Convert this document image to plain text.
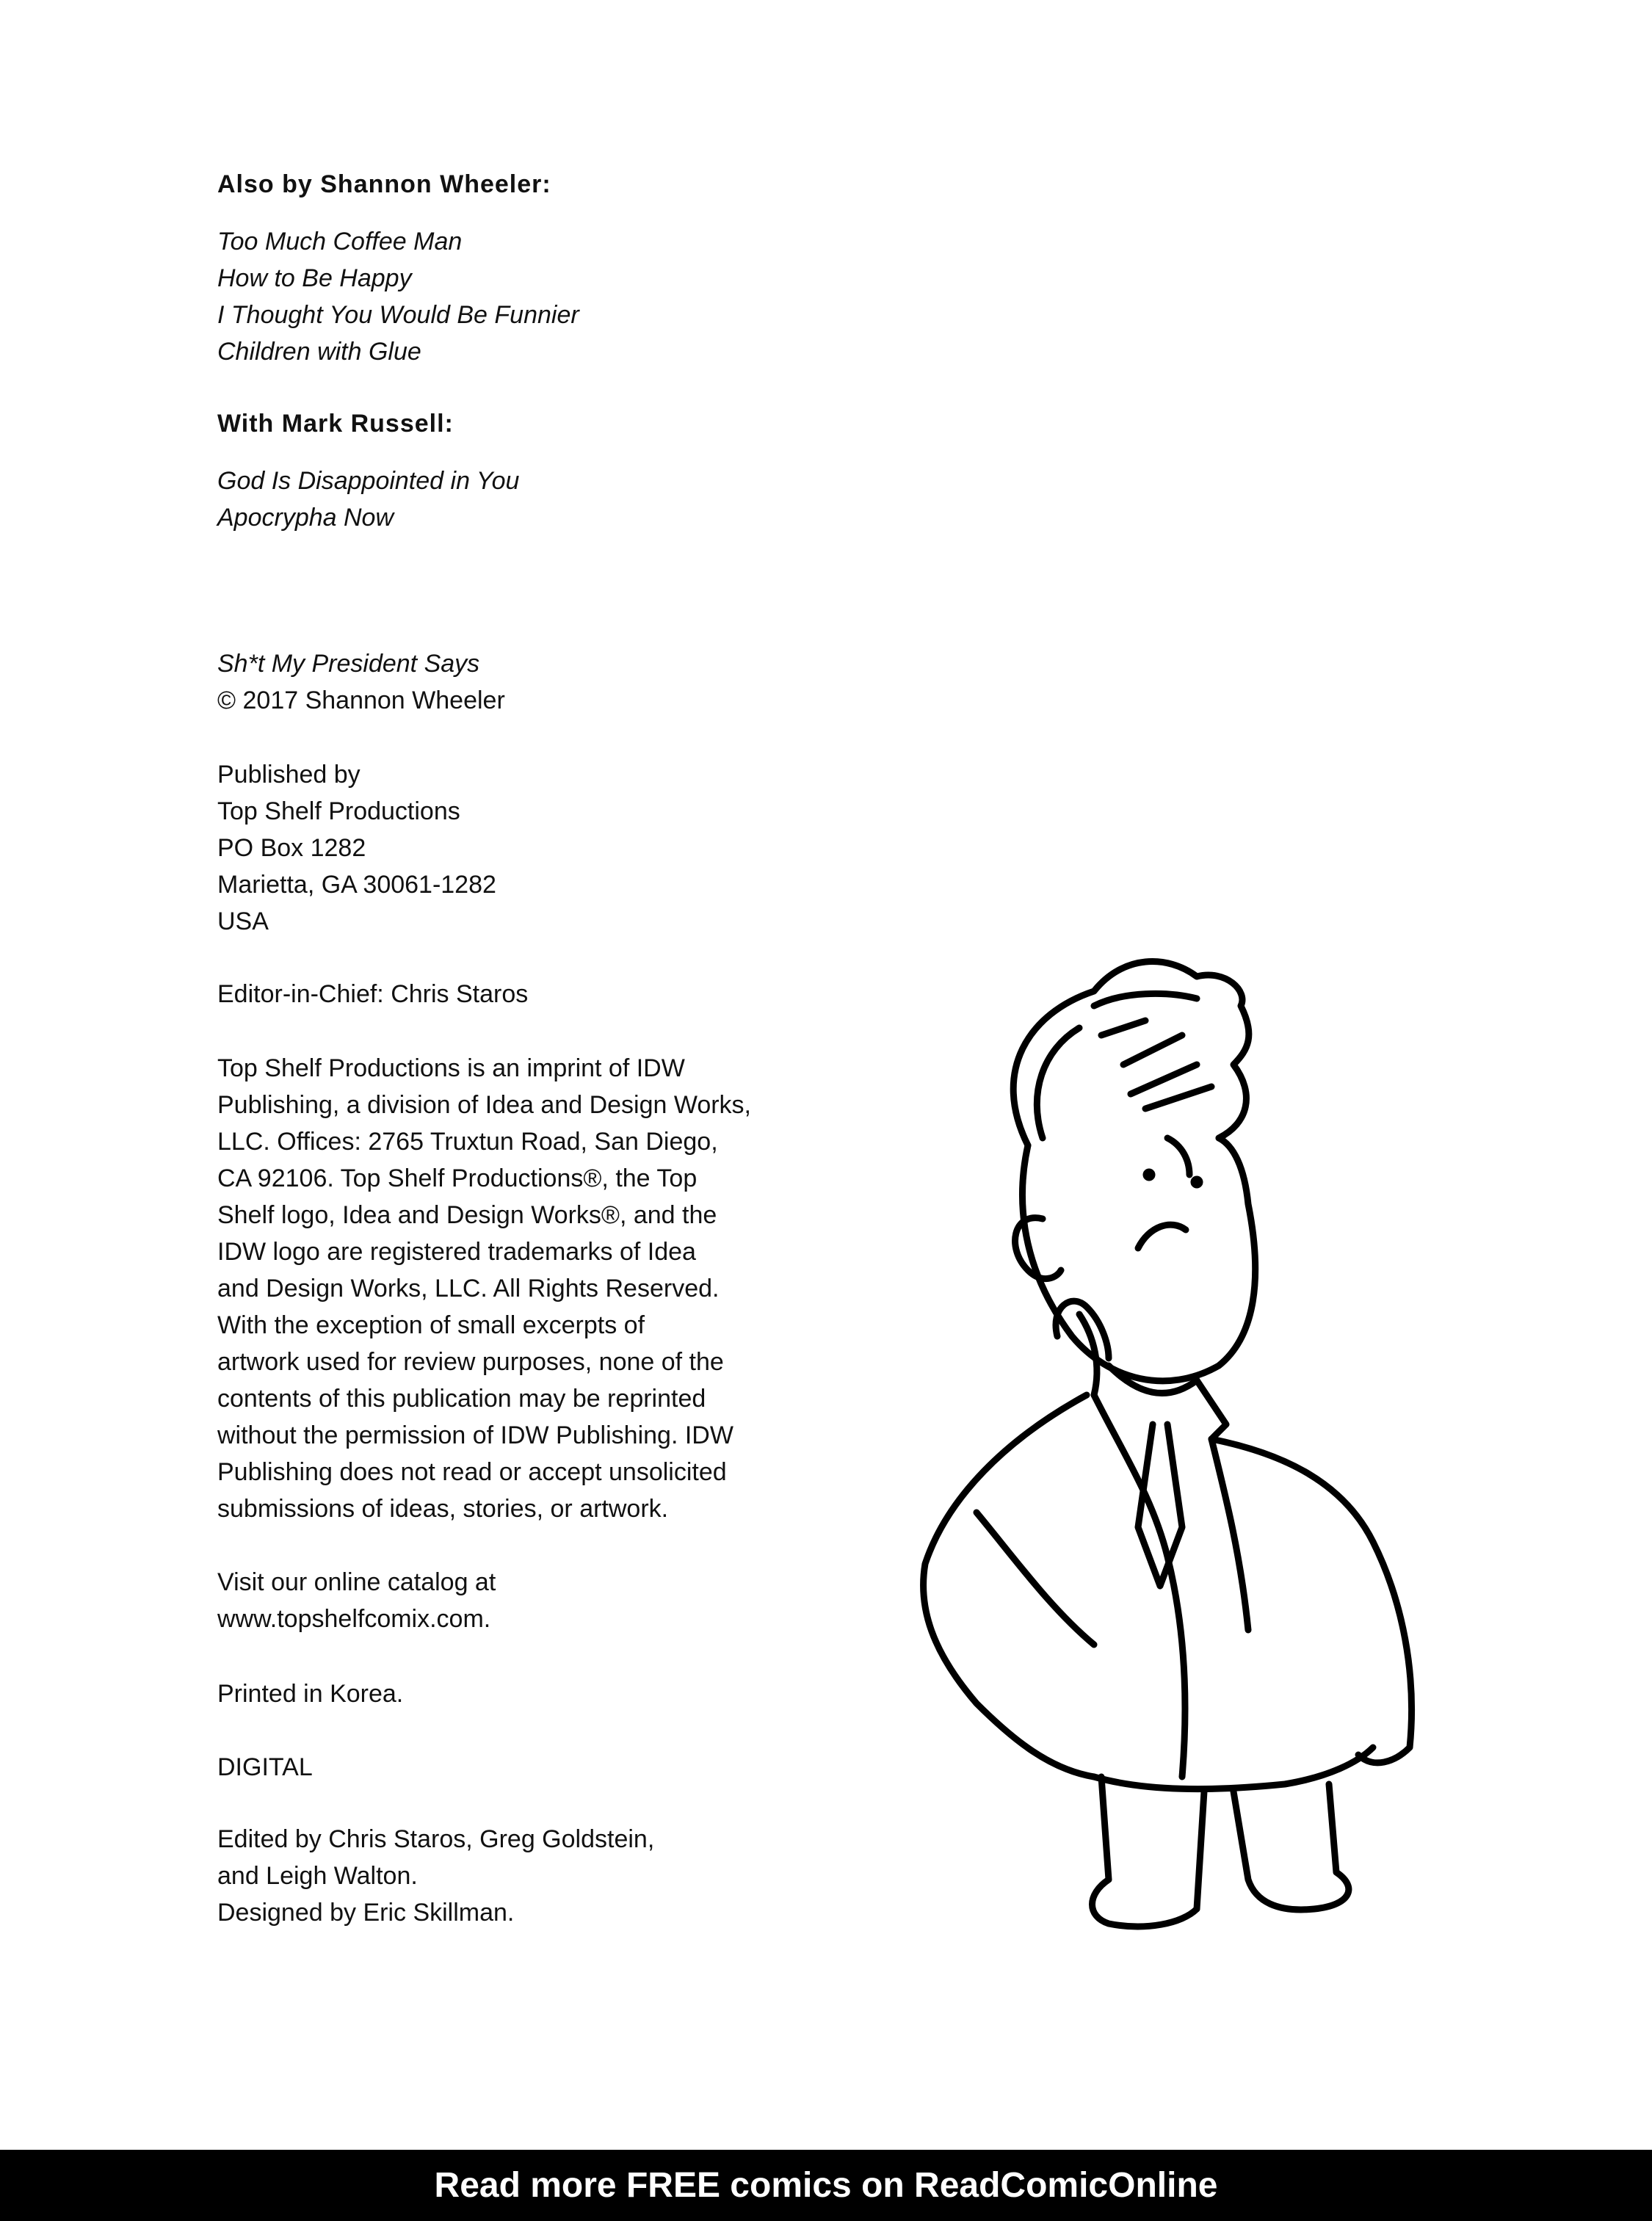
Also by Shannon Wheeler:
Too Much Coffee Man
How to Be Happy
I Thought You Would Be Funnier
Children with Glue
With Mark Russell:
God Is Disappointed in You
Apocrypha Now
Sh*t My President Says
© 2017 Shannon Wheeler
Published by
Top Shelf Productions
PO Box 1282
Marietta, GA 30061-1282
USA
Editor-in-Chief: Chris Staros
Top Shelf Productions is an imprint of IDW
Publishing, a division of Idea and Design Works,
LLC. Offices: 2765 Truxtun Road, San Diego,
CA 92106. Top Shelf Productions®, the Top
Shelf logo, Idea and Design Works®, and the
IDW logo are registered trademarks of Idea
and Design Works, LLC. All Rights Reserved.
With the exception of small excerpts of
artwork used for review purposes, none of the
contents of this publication may be reprinted
without the permission of IDW Publishing. IDW
Publishing does not read or accept unsolicited
submissions of ideas, stories, or artwork.
Visit our online catalog at
www.topshelfcomix.com.
Printed in Korea.
DIGITAL
Edited by Chris Staros, Greg Goldstein,
and Leigh Walton.
Designed by Eric Skillman.
Read more FREE comics on ReadComicOnline
